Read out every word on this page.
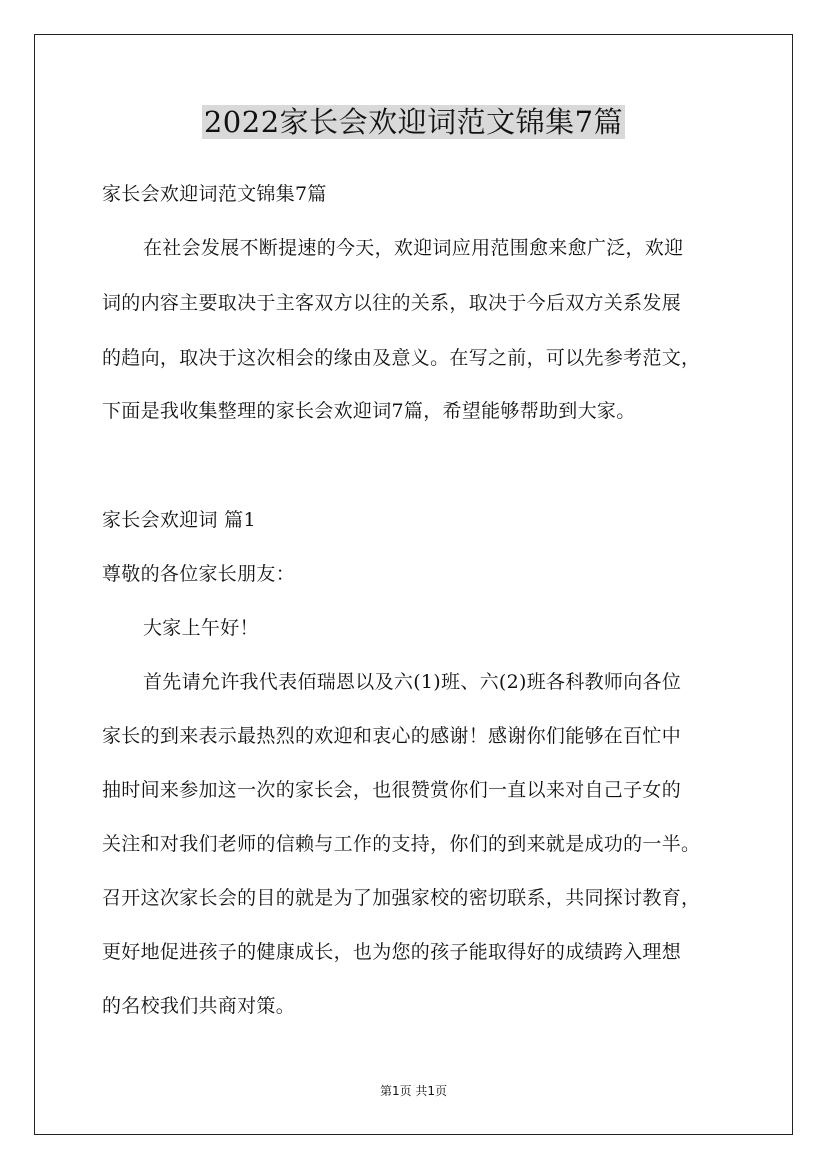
2022家长会欢迎词范文锦集7篇
家长会欢迎词范文锦集7篇
在社会发展不断提速的今天，欢迎词应用范围愈来愈广泛，欢迎
词的内容主要取决于主客双方以往的关系，取决于今后双方关系发展
的趋向，取决于这次相会的缘由及意义。在写之前，可以先参考范文，
下面是我收集整理的家长会欢迎词7篇，希望能够帮助到大家。
家长会欢迎词 篇1
尊敬的各位家长朋友：
大家上午好！
首先请允许我代表佰瑞恩以及六(1)班、六(2)班各科教师向各位
家长的到来表示最热烈的欢迎和衷心的感谢！感谢你们能够在百忙中
抽时间来参加这一次的家长会，也很赞赏你们一直以来对自己子女的
关注和对我们老师的信赖与工作的支持，你们的到来就是成功的一半。
召开这次家长会的目的就是为了加强家校的密切联系，共同探讨教育，
更好地促进孩子的健康成长，也为您的孩子能取得好的成绩跨入理想
的名校我们共商对策。
第1页 共1页
